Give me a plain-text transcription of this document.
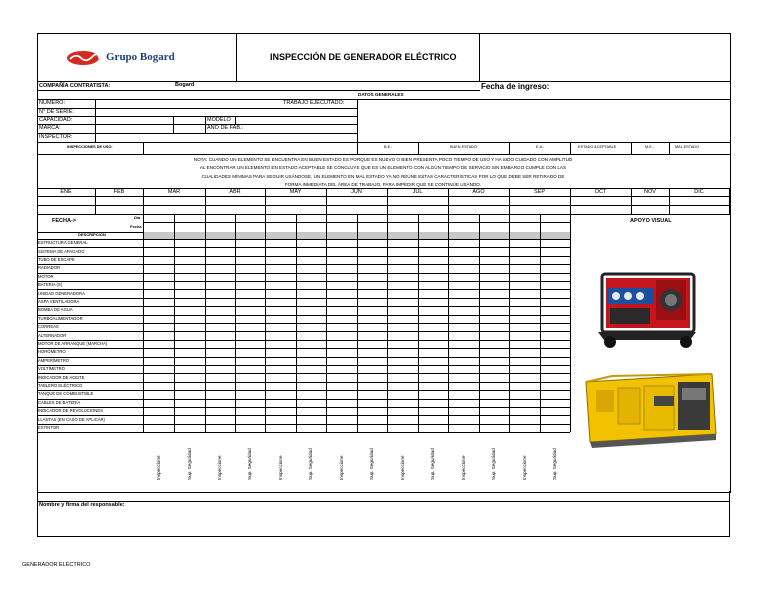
Grupo Bogard	INSPECCIÓN DE GENERADOR ELÉCTRICO
COMPAÑÍA CONTRATISTA:	Bogard	Fecha de ingreso:
DATOS GENERALES
NUMERO:	TRABAJO EJECUTADO:
N° DE SERIE:
CAPACIDAD:	MODELO
MARCA:	AÑO DE FAB.:
INSPECTOR:
INSPECCIONES DE USO:	B.E.:	BUEN ESTADO	E.A.:	ESTADO ACEPTABLE	M.E.:	MAL ESTADO
NOTA: CUANDO UN ELEMENTO SE ENCUENTRA EN BUEN ESTADO ES PORQUE ES NUEVO O BIEN PRESENTA POCO TIEMPO DE USO Y HA SIDO CUIDADO CON AMPLITUD
AL ENCONTRAR UN ELEMENTO EN ESTADO ACEPTABLE SE CONCLUYE QUE ES UN ELEMENTO CON ALGÚN TIEMPO DE SERVICIO SIN EMBARGO CUMPLE CON LAS
CUALIDADES MÍNIMAS PARA SEGUIR USÁNDOSE, UN ELEMENTO EN MAL ESTADO YA NO REÚNE ESTAS CARACTERÍSTICAS POR LO QUE DEBE SER RETIRADO DE
FORMA INMEDIATA DEL ÁREA DE TRABAJO, PARA IMPEDIR QUE SE CONTINÚE USANDO.
ENE	FEB	MAR	ABR	MAY	JUN	JUL	AGO	SEP	OCT	NOV	DIC
FECHA->
Día
Fecha
APOYO VISUAL
DESCRIPCIÓN
ESTRUCTURA GENERAL
SISTEMA DE APAGADO
TUBO DE ESCAPE
RADIADOR
MOTOR
BATERIA (S)
UNIDAD GENERADORA
ASPA VENTILADORA
BOMBA DE AGUA
TURBOALIMENTADOR
CORREAS
ALTERNADOR
MOTOR DE ARRANQUE (MARCHA)
HORÓMETRO
AMPERÍMETRO
VOLTÍMETRO
INDICADOR DE ACEITE
TABLERO ELÉCTRICO
TANQUE DE COMBUSTIBLE
CABLES DE BATERÍA
INDICADOR DE REVOLUCIONES
LLANTAS (EN CASO DE APLICAR)
EXTINTOR
Inspeccione	Sup. Seguridad	Inspeccione	Sup. Seguridad	Inspeccione	Sup. Seguridad	Inspeccione	Sup. Seguridad	Inspeccione	Sup. Seguridad	Inspeccione	Sup. Seguridad	Inspeccione	Sup. Seguridad
Nombre y firma del responsable:
GENERADOR ELÉCTRICO
